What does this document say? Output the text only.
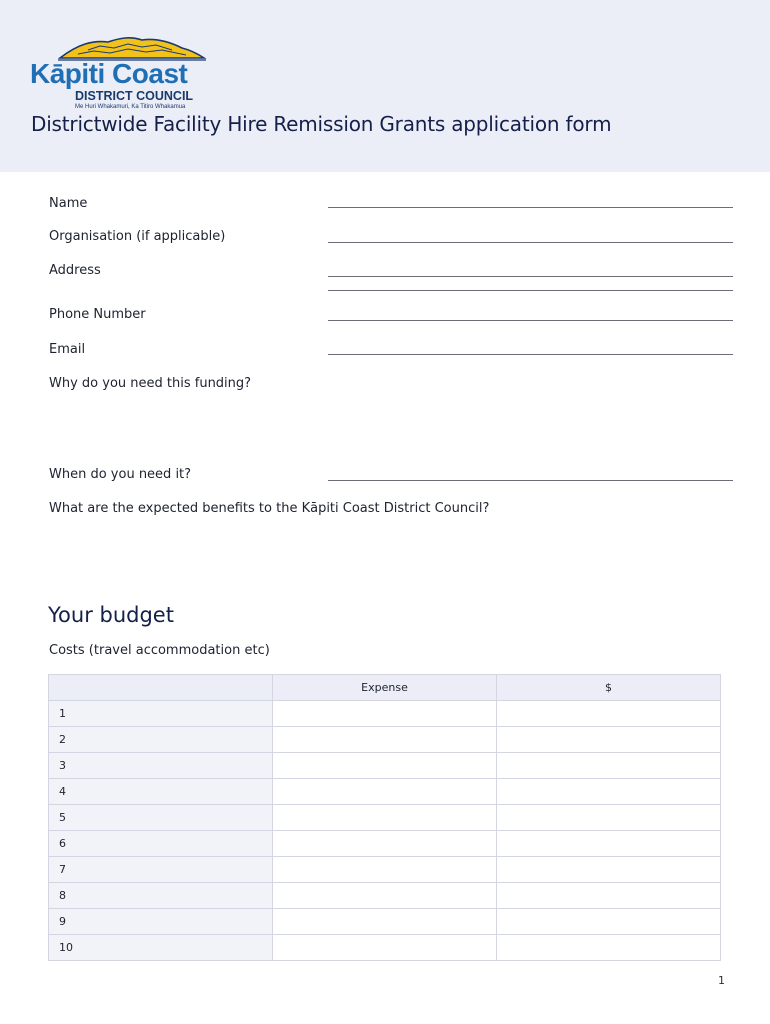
Kāpiti Coast
DISTRICT COUNCIL
Me Huri Whakamuri, Ka Titiro Whakamua
Districtwide Facility Hire Remission Grants application form
Name
Organisation (if applicable)
Address
Phone Number
Email
Why do you need this funding?
When do you need it?
What are the expected benefits to the Kāpiti Coast District Council?
Your budget
Costs (travel accommodation etc)
	Expense	$
1		
2		
3		
4		
5		
6		
7		
8		
9		
10		
1
